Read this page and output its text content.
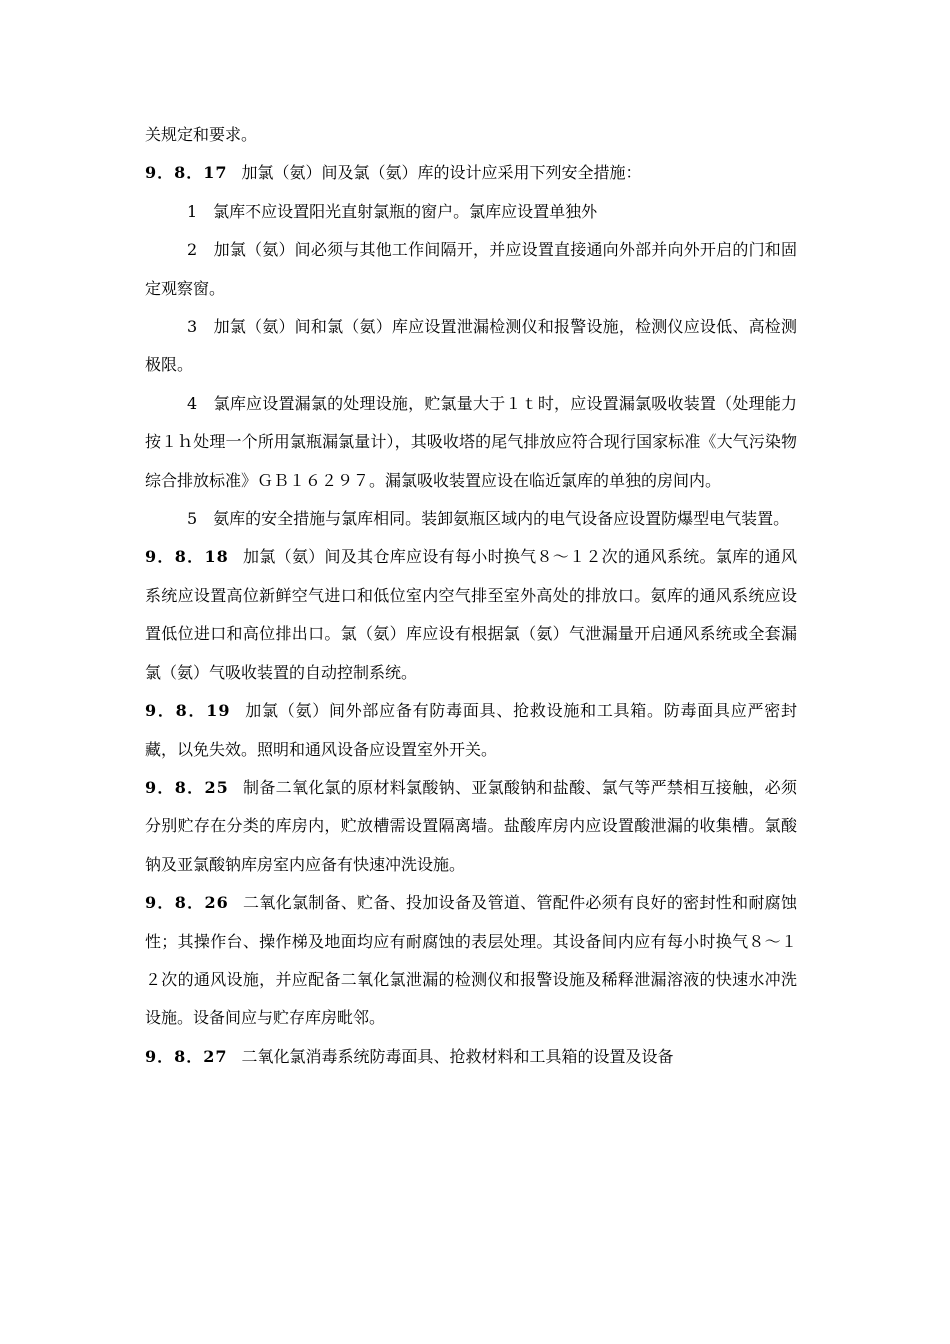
关规定和要求。

9．8．17 加氯（氨）间及氯（氨）库的设计应采用下列安全措施：

1　氯库不应设置阳光直射氯瓶的窗户。氯库应设置单独外

2　加氯（氨）间必须与其他工作间隔开，并应设置直接通向外部并向外开启的门和固定观察窗。

3　加氯（氨）间和氯（氨）库应设置泄漏检测仪和报警设施，检测仪应设低、高检测极限。

4　氯库应设置漏氯的处理设施，贮氯量大于１ｔ时，应设置漏氯吸收装置（处理能力按１ｈ处理一个所用氯瓶漏氯量计），其吸收塔的尾气排放应符合现行国家标准《大气污染物综合排放标准》ＧＢ１６２９７。漏氯吸收装置应设在临近氯库的单独的房间内。

5　氨库的安全措施与氯库相同。装卸氨瓶区域内的电气设备应设置防爆型电气装置。

9．8．18 加氯（氨）间及其仓库应设有每小时换气８～１２次的通风系统。氯库的通风系统应设置高位新鲜空气进口和低位室内空气排至室外高处的排放口。氨库的通风系统应设置低位进口和高位排出口。氯（氨）库应设有根据氯（氨）气泄漏量开启通风系统或全套漏氯（氨）气吸收装置的自动控制系统。

9．8．19 加氯（氨）间外部应备有防毒面具、抢救设施和工具箱。防毒面具应严密封藏，以免失效。照明和通风设备应设置室外开关。

9．8．25 制备二氧化氯的原材料氯酸钠、亚氯酸钠和盐酸、氯气等严禁相互接触，必须分别贮存在分类的库房内，贮放槽需设置隔离墙。盐酸库房内应设置酸泄漏的收集槽。氯酸钠及亚氯酸钠库房室内应备有快速冲洗设施。

9．8．26 二氧化氯制备、贮备、投加设备及管道、管配件必须有良好的密封性和耐腐蚀性；其操作台、操作梯及地面均应有耐腐蚀的表层处理。其设备间内应有每小时换气８～１２次的通风设施，并应配备二氧化氯泄漏的检测仪和报警设施及稀释泄漏溶液的快速水冲洗设施。设备间应与贮存库房毗邻。

9．8．27 二氧化氯消毒系统防毒面具、抢救材料和工具箱的设置及设备
